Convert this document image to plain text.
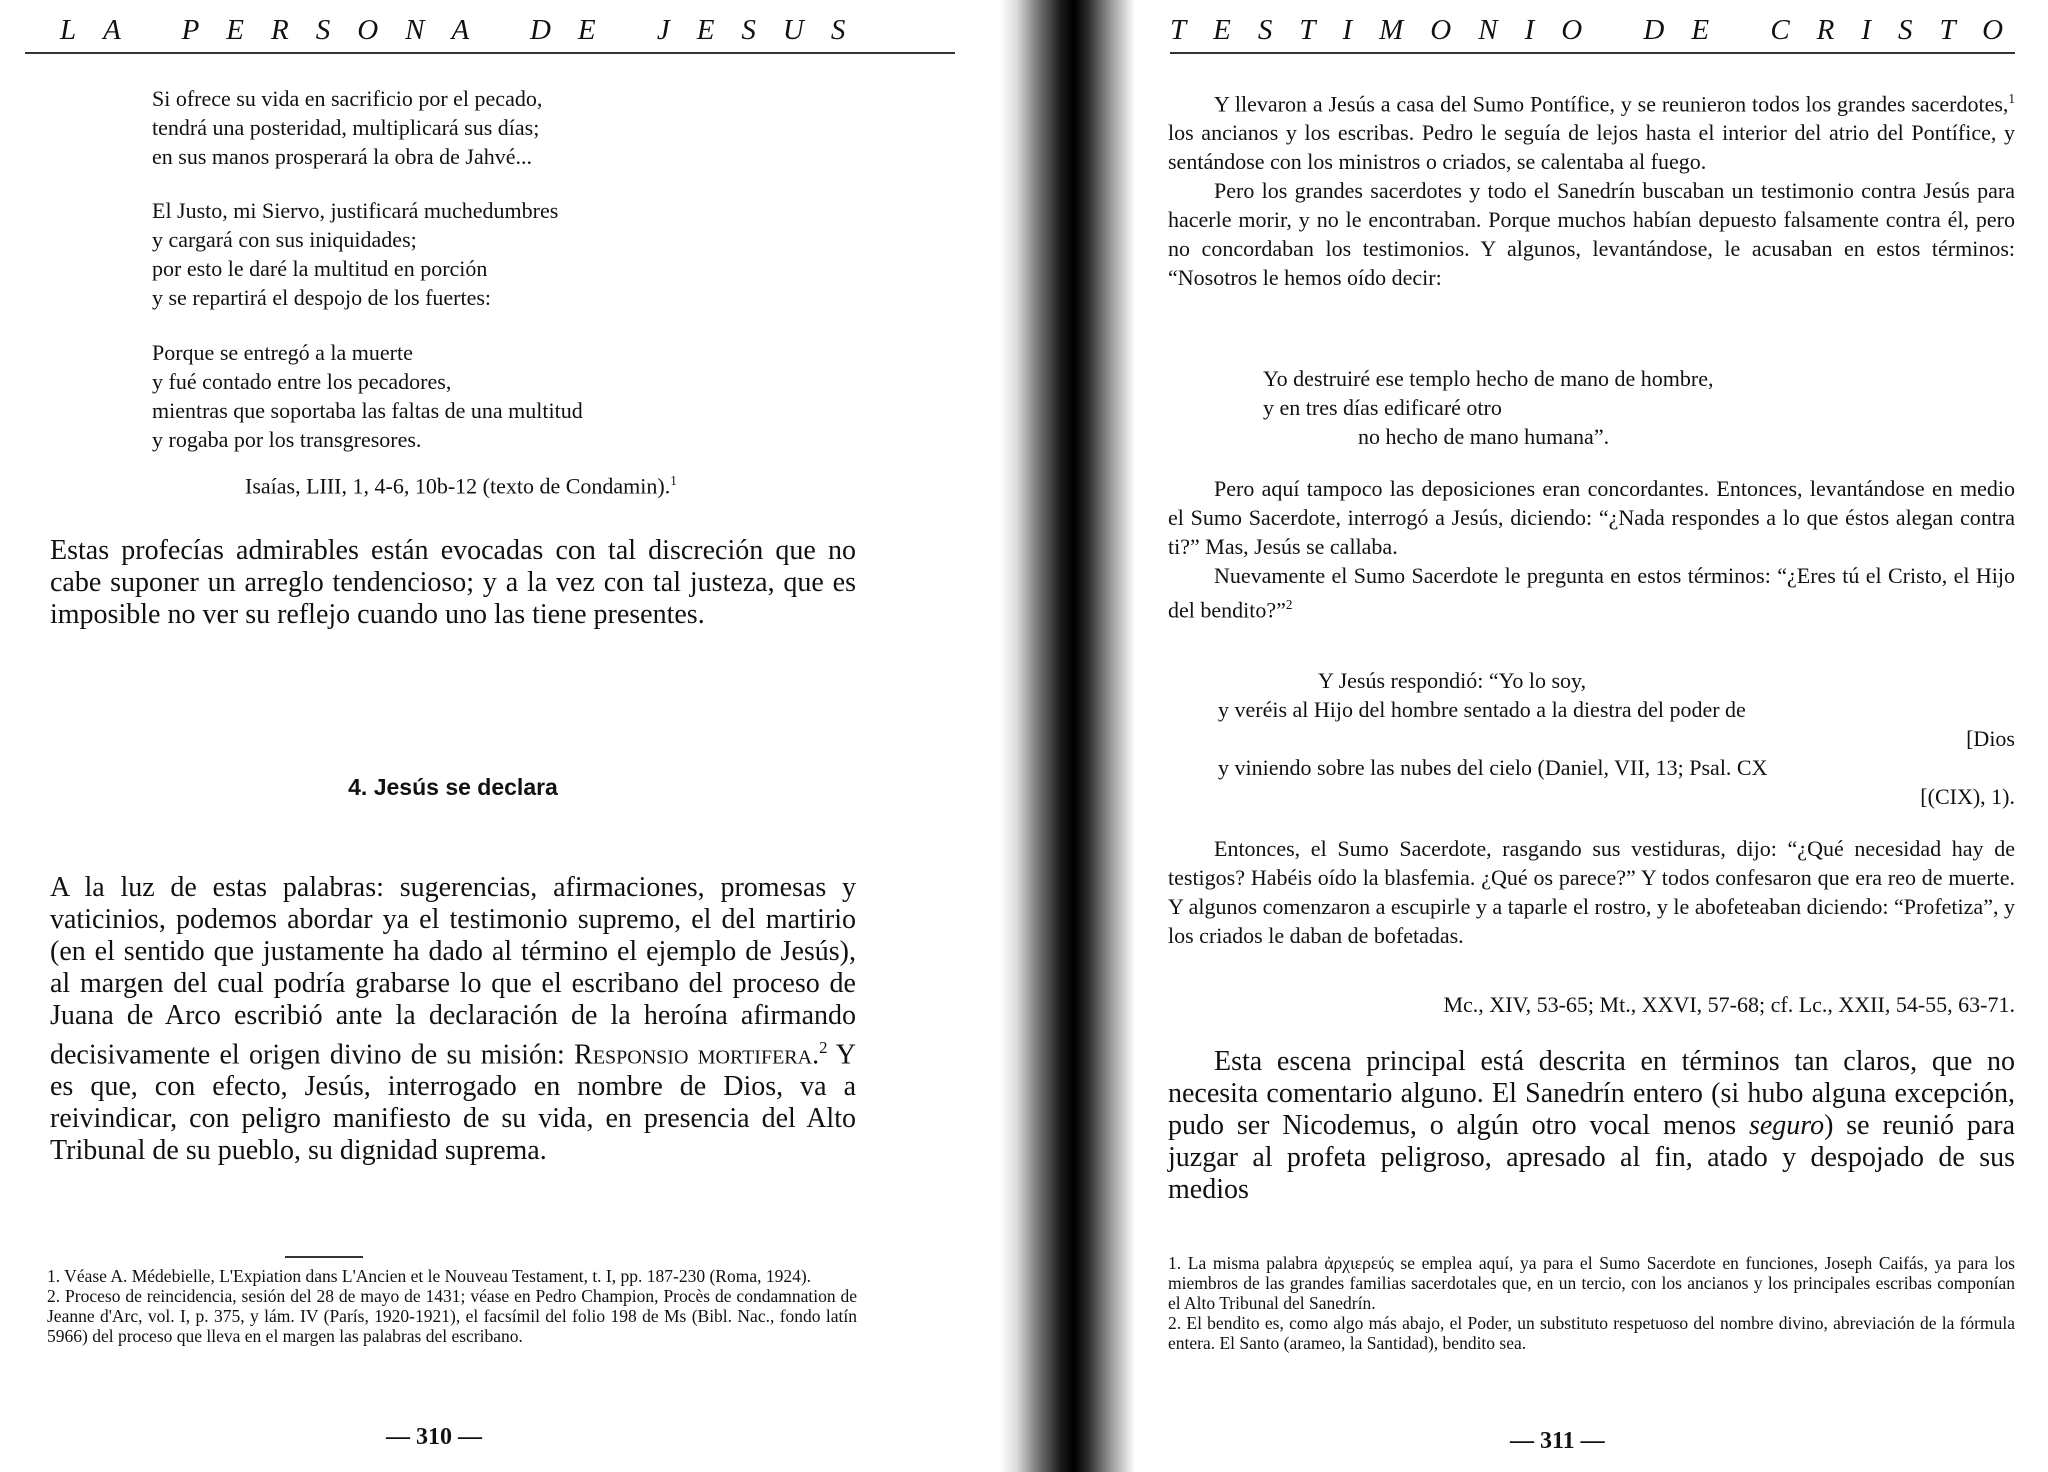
LA PERSONA DE JESUS
Si ofrece su vida en sacrificio por el pecado,
tendrá una posteridad, multiplicará sus días;
en sus manos prosperará la obra de Jahvé...
El Justo, mi Siervo, justificará muchedumbres
y cargará con sus iniquidades;
por esto le daré la multitud en porción
y se repartirá el despojo de los fuertes:
Porque se entregó a la muerte
y fué contado entre los pecadores,
mientras que soportaba las faltas de una multitud
y rogaba por los transgresores.
Isaías, LIII, 1, 4-6, 10b-12 (texto de Condamin).$^1$
Estas profecías admirables están evocadas con tal discreción que no cabe suponer un arreglo tendencioso; y a la vez con tal justeza, que es imposible no ver su reflejo cuando uno las tiene presentes.
4. Jesús se declara
A la luz de estas palabras: sugerencias, afirmaciones, promesas y vaticinios, podemos abordar ya el testimonio supremo, el del martirio (en el sentido que justamente ha dado al término el ejemplo de Jesús), al margen del cual podría grabarse lo que el escribano del proceso de Juana de Arco escribió ante la declaración de la heroína afirmando decisivamente el origen divino de su misión: Responsio mortifera.$^2$ Y es que, con efecto, Jesús, interrogado en nombre de Dios, va a reivindicar, con peligro manifiesto de su vida, en presencia del Alto Tribunal de su pueblo, su dignidad suprema.
1. Véase A. Médebielle, L'Expiation dans L'Ancien et le Nouveau Testament, t. I, pp. 187-230 (Roma, 1924).
2. Proceso de reincidencia, sesión del 28 de mayo de 1431; véase en Pedro Champion, Procès de condamnation de Jeanne d'Arc, vol. I, p. 375, y lám. IV (París, 1920-1921), el facsímil del folio 198 de Ms (Bibl. Nac., fondo latín 5966) del proceso que lleva en el margen las palabras del escribano.
— 310 —
TESTIMONIO DE CRISTO
Y llevaron a Jesús a casa del Sumo Pontífice, y se reunieron todos los grandes sacerdotes,$^1$ los ancianos y los escribas. Pedro le seguía de lejos hasta el interior del atrio del Pontífice, y sentándose con los ministros o criados, se calentaba al fuego.
Pero los grandes sacerdotes y todo el Sanedrín buscaban un testimonio contra Jesús para hacerle morir, y no le encontraban. Porque muchos habían depuesto falsamente contra él, pero no concordaban los testimonios. Y algunos, levantándose, le acusaban en estos términos: “Nosotros le hemos oído decir:
Yo destruiré ese templo hecho de mano de hombre,
y en tres días edificaré otro
no hecho de mano humana”.
Pero aquí tampoco las deposiciones eran concordantes. Entonces, levantándose en medio el Sumo Sacerdote, interrogó a Jesús, diciendo: “¿Nada respondes a lo que éstos alegan contra ti?” Mas, Jesús se callaba.
Nuevamente el Sumo Sacerdote le pregunta en estos términos: “¿Eres tú el Cristo, el Hijo del bendito?”$^2$
Y Jesús respondió: “Yo lo soy,
y veréis al Hijo del hombre sentado a la diestra del poder de
[Dios
y viniendo sobre las nubes del cielo (Daniel, VII, 13; Psal. CX
[(CIX), 1).
Entonces, el Sumo Sacerdote, rasgando sus vestiduras, dijo: “¿Qué necesidad hay de testigos? Habéis oído la blasfemia. ¿Qué os parece?” Y todos confesaron que era reo de muerte. Y algunos comenzaron a escupirle y a taparle el rostro, y le abofeteaban diciendo: “Profetiza”, y los criados le daban de bofetadas.
Mc., XIV, 53-65; Mt., XXVI, 57-68; cf. Lc., XXII, 54-55, 63-71.
Esta escena principal está descrita en términos tan claros, que no necesita comentario alguno. El Sanedrín entero (si hubo alguna excepción, pudo ser Nicodemus, o algún otro vocal menos seguro) se reunió para juzgar al profeta peligroso, apresado al fin, atado y despojado de sus medios
1. La misma palabra ἀρχιερεύς se emplea aquí, ya para el Sumo Sacerdote en funciones, Joseph Caifás, ya para los miembros de las grandes familias sacerdotales que, en un tercio, con los ancianos y los principales escribas componían el Alto Tribunal del Sanedrín.
2. El bendito es, como algo más abajo, el Poder, un substituto respetuoso del nombre divino, abreviación de la fórmula entera. El Santo (arameo, la Santidad), bendito sea.
— 311 —
